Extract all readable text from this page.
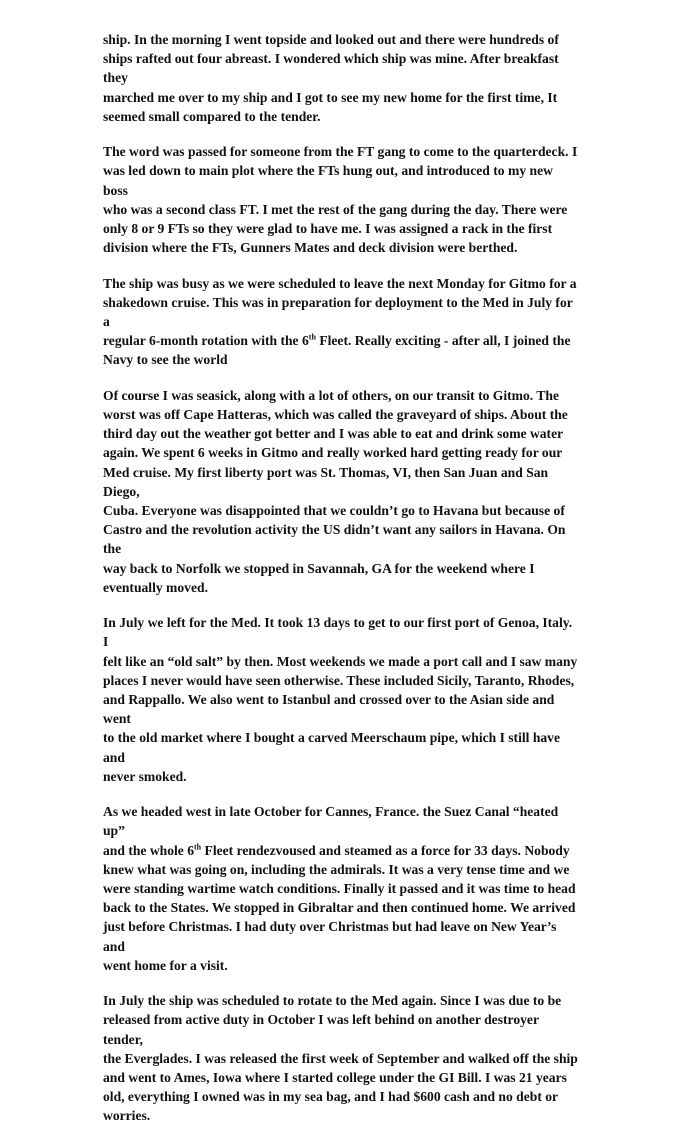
ship. In the morning I went topside and looked out and there were hundreds of
ships rafted out four abreast. I wondered which ship was mine. After breakfast they
marched me over to my ship and I got to see my new home for the first time, It
seemed small compared to the tender.
The word was passed for someone from the FT gang to come to the quarterdeck. I
was led down to main plot where the FTs hung out, and introduced to my new boss
who was a second class FT. I met the rest of the gang during the day. There were
only 8 or 9 FTs so they were glad to have me. I was assigned a rack in the first
division where the FTs, Gunners Mates and deck division were berthed.
The ship was busy as we were scheduled to leave the next Monday for Gitmo for a
shakedown cruise. This was in preparation for deployment to the Med in July for a
regular 6-month rotation with the 6th Fleet. Really exciting - after all, I joined the
Navy to see the world
Of course I was seasick, along with a lot of others, on our transit to Gitmo. The
worst was off Cape Hatteras, which was called the graveyard of ships. About the
third day out the weather got better and I was able to eat and drink some water
again. We spent 6 weeks in Gitmo and really worked hard getting ready for our
Med cruise. My first liberty port was St. Thomas, VI, then San Juan and San Diego,
Cuba. Everyone was disappointed that we couldn’t go to Havana but because of
Castro and the revolution activity the US didn’t want any sailors in Havana. On the
way back to Norfolk we stopped in Savannah, GA for the weekend where I
eventually moved.
In July we left for the Med. It took 13 days to get to our first port of Genoa, Italy. I
felt like an “old salt” by then. Most weekends we made a port call and I saw many
places I never would have seen otherwise. These included Sicily, Taranto, Rhodes,
and Rappallo. We also went to Istanbul and crossed over to the Asian side and went
to the old market where I bought a carved Meerschaum pipe, which I still have and
never smoked.
As we headed west in late October for Cannes, France. the Suez Canal “heated up”
and the whole 6th Fleet rendezvoused and steamed as a force for 33 days. Nobody
knew what was going on, including the admirals. It was a very tense time and we
were standing wartime watch conditions. Finally it passed and it was time to head
back to the States. We stopped in Gibraltar and then continued home. We arrived
just before Christmas. I had duty over Christmas but had leave on New Year’s and
went home for a visit.
In July the ship was scheduled to rotate to the Med again. Since I was due to be
released from active duty in October I was left behind on another destroyer tender,
the Everglades. I was released the first week of September and walked off the ship
and went to Ames, Iowa where I started college under the GI Bill. I was 21 years
old, everything I owned was in my sea bag, and I had $600 cash and no debt or
worries.
